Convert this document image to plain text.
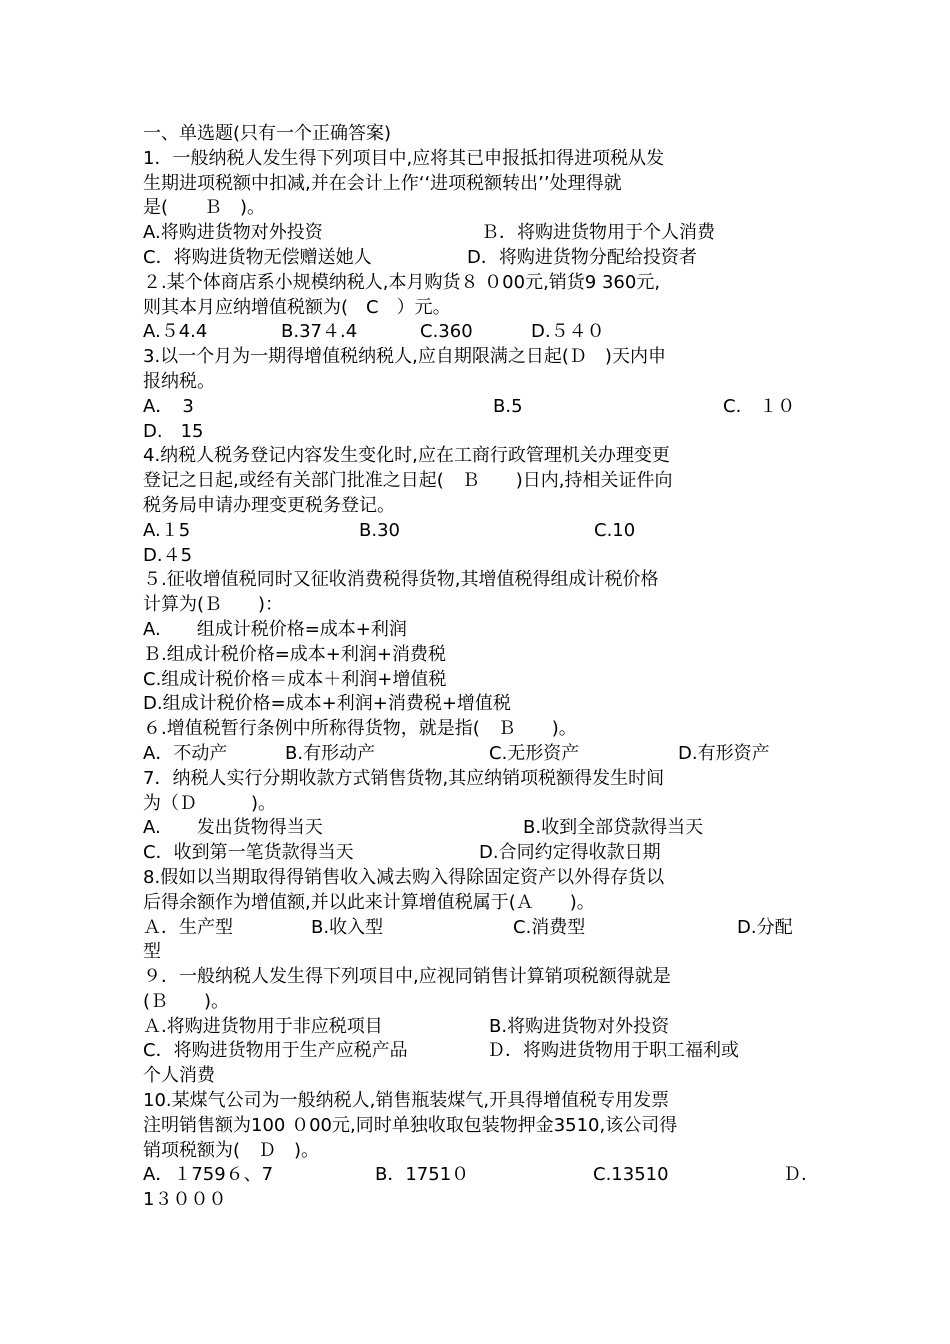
一、单选题(只有一个正确答案)
1．一般纳税人发生得下列项目中,应将其已申报抵扣得进项税从发
生期进项税额中扣减,并在会计上作‘‘进项税额转出’’处理得就
是(　　Ｂ　)。
A.将购进货物对外投资	Ｂ．将购进货物用于个人消费
C．将购进货物无偿赠送她人	D．将购进货物分配给投资者
２.某个体商店系小规模纳税人,本月购货８ ０00元,销货9 360元,
则其本月应纳增值税额为(　C　）元。
A.５4.4	B.37４.4	C.360	D.５４０
3.以一个月为一期得增值税纳税人,应自期限满之日起(Ｄ　)天内申
报纳税。
A．　3	B.5	C.　１０
D.　15
4.纳税人税务登记内容发生变化时,应在工商行政管理机关办理变更
登记之日起,或经有关部门批准之日起(　Ｂ　　)日内,持相关证件向
税务局申请办理变更税务登记。
A.１5	B.30	C.10
D.４5
５.征收增值税同时又征收消费税得货物,其增值税得组成计税价格
计算为(Ｂ　　)：
A.　　组成计税价格=成本+利润
Ｂ.组成计税价格=成本+利润+消费税
C.组成计税价格＝成本＋利润+增值税
D.组成计税价格=成本+利润+消费税+增值税
６.增值税暂行条例中所称得货物，就是指(　Ｂ　　)。
A．不动产	B.有形动产	C.无形资产	D.有形资产
7．纳税人实行分期收款方式销售货物,其应纳销项税额得发生时间
为（Ｄ　　　)。
A.　　发出货物得当天	B.收到全部贷款得当天
C．收到第一笔货款得当天	D.合同约定得收款日期
8.假如以当期取得得销售收入减去购入得除固定资产以外得存货以
后得余额作为增值额,并以此来计算增值税属于(Ａ　　)。
Ａ．生产型	B.收入型	C.消费型	D.分配
型
９．一般纳税人发生得下列项目中,应视同销售计算销项税额得就是
(Ｂ　　)。
Ａ.将购进货物用于非应税项目	B.将购进货物对外投资
C．将购进货物用于生产应税产品	Ｄ．将购进货物用于职工福利或
个人消费
10.某煤气公司为一般纳税人,销售瓶装煤气,开具得增值税专用发票
注明销售额为100 ０00元,同时单独收取包装物押金3510,该公司得
销项税额为(　Ｄ　)。
A．１759６、7	B．1751０	C.13510	Ｄ.
1３０００
